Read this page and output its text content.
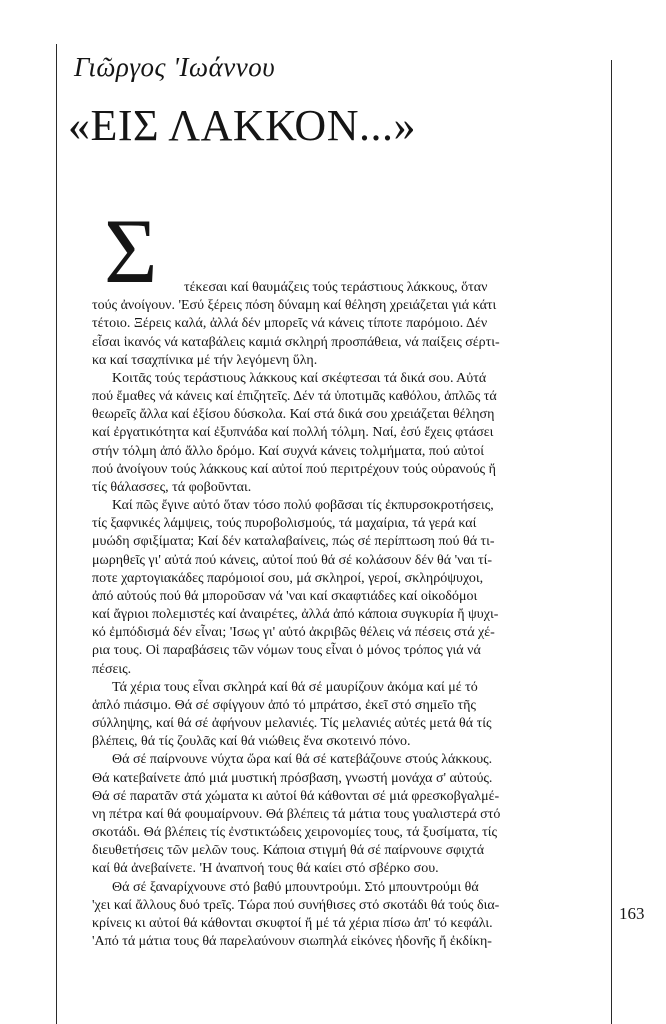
Γιῶργος 'Ιωάννου
«ΕΙΣ ΛΑΚΚΟΝ...»
Σ τέκεσαι καί θαυμάζεις τούς τεράστιους λάκκους, ὅταν
τούς ἀνοίγουν. 'Εσύ ξέρεις πόση δύναμη καί θέληση χρειάζεται γιά κάτι
τέτοιο. Ξέρεις καλά, ἀλλά δέν μπορεῖς νά κάνεις τίποτε παρόμοιο. Δέν
εἶσαι ἱκανός νά καταβάλεις καμιά σκληρή προσπάθεια, νά παίξεις σέρτι-
κα καί τσαχπίνικα μέ τήν λεγόμενη ὕλη.
Κοιτᾶς τούς τεράστιους λάκκους καί σκέφτεσαι τά δικά σου. Αὐτά
πού ἔμαθες νά κάνεις καί ἐπιζητεῖς. Δέν τά ὑποτιμᾶς καθόλου, ἁπλῶς τά
θεωρεῖς ἄλλα καί ἐξίσου δύσκολα. Καί στά δικά σου χρειάζεται θέληση
καί ἐργατικότητα καί ἐξυπνάδα καί πολλή τόλμη. Ναί, ἐσύ ἔχεις φτάσει
στήν τόλμη ἀπό ἄλλο δρόμο. Καί συχνά κάνεις τολμήματα, πού αὐτοί
πού ἀνοίγουν τούς λάκκους καί αὐτοί πού περιτρέχουν τούς οὐρανούς ἤ
τίς θάλασσες, τά φοβοῦνται.
Καί πῶς ἔγινε αὐτό ὅταν τόσο πολύ φοβᾶσαι τίς ἐκπυρσοκροτήσεις,
τίς ξαφνικές λάμψεις, τούς πυροβολισμούς, τά μαχαίρια, τά γερά καί
μυώδη σφιξίματα; Καί δέν καταλαβαίνεις, πώς σέ περίπτωση πού θά τι-
μωρηθεῖς γι' αὐτά πού κάνεις, αὐτοί πού θά σέ κολάσουν δέν θά 'ναι τί-
ποτε χαρτογιακάδες παρόμοιοί σου, μά σκληροί, γεροί, σκληρόψυχοι,
ἀπό αὐτούς πού θά μποροῦσαν νά 'ναι καί σκαφτιάδες καί οἰκοδόμοι
καί ἄγριοι πολεμιστές καί ἀναιρέτες, ἀλλά ἀπό κάποια συγκυρία ἤ ψυχι-
κό ἐμπόδισμά δέν εἶναι; 'Ισως γι' αὐτό ἀκριβῶς θέλεις νά πέσεις στά χέ-
ρια τους. Οἱ παραβάσεις τῶν νόμων τους εἶναι ὁ μόνος τρόπος γιά νά
πέσεις.
Τά χέρια τους εἶναι σκληρά καί θά σέ μαυρίζουν ἀκόμα καί μέ τό
ἁπλό πιάσιμο. Θά σέ σφίγγουν ἀπό τό μπράτσο, ἐκεῖ στό σημεῖο τῆς
σύλληψης, καί θά σέ ἀφήνουν μελανιές. Τίς μελανιές αὐτές μετά θά τίς
βλέπεις, θά τίς ζουλᾶς καί θά νιώθεις ἕνα σκοτεινό πόνο.
Θά σέ παίρνουνε νύχτα ὥρα καί θά σέ κατεβάζουνε στούς λάκκους.
Θά κατεβαίνετε ἀπό μιά μυστική πρόσβαση, γνωστή μονάχα σ' αὐτούς.
Θά σέ παρατᾶν στά χώματα κι αὐτοί θά κάθονται σέ μιά φρεσκοβγαλμέ-
νη πέτρα καί θά φουμαίρνουν. Θά βλέπεις τά μάτια τους γυαλιστερά στό
σκοτάδι. Θά βλέπεις τίς ἐνστικτώδεις χειρονομίες τους, τά ξυσίματα, τίς
διευθετήσεις τῶν μελῶν τους. Κάποια στιγμή θά σέ παίρνουνε σφιχτά
καί θά ἀνεβαίνετε. 'Η ἀναπνοή τους θά καίει στό σβέρκο σου.
Θά σέ ξαναρίχνουνε στό βαθύ μπουντρούμι. Στό μπουντρούμι θά
'χει καί ἄλλους δυό τρεῖς. Τώρα πού συνήθισες στό σκοτάδι θά τούς δια-
κρίνεις κι αὐτοί θά κάθονται σκυφτοί ἤ μέ τά χέρια πίσω ἀπ' τό κεφάλι.
'Από τά μάτια τους θά παρελαύνουν σιωπηλά εἰκόνες ἡδονῆς ἤ ἐκδίκη-
163
